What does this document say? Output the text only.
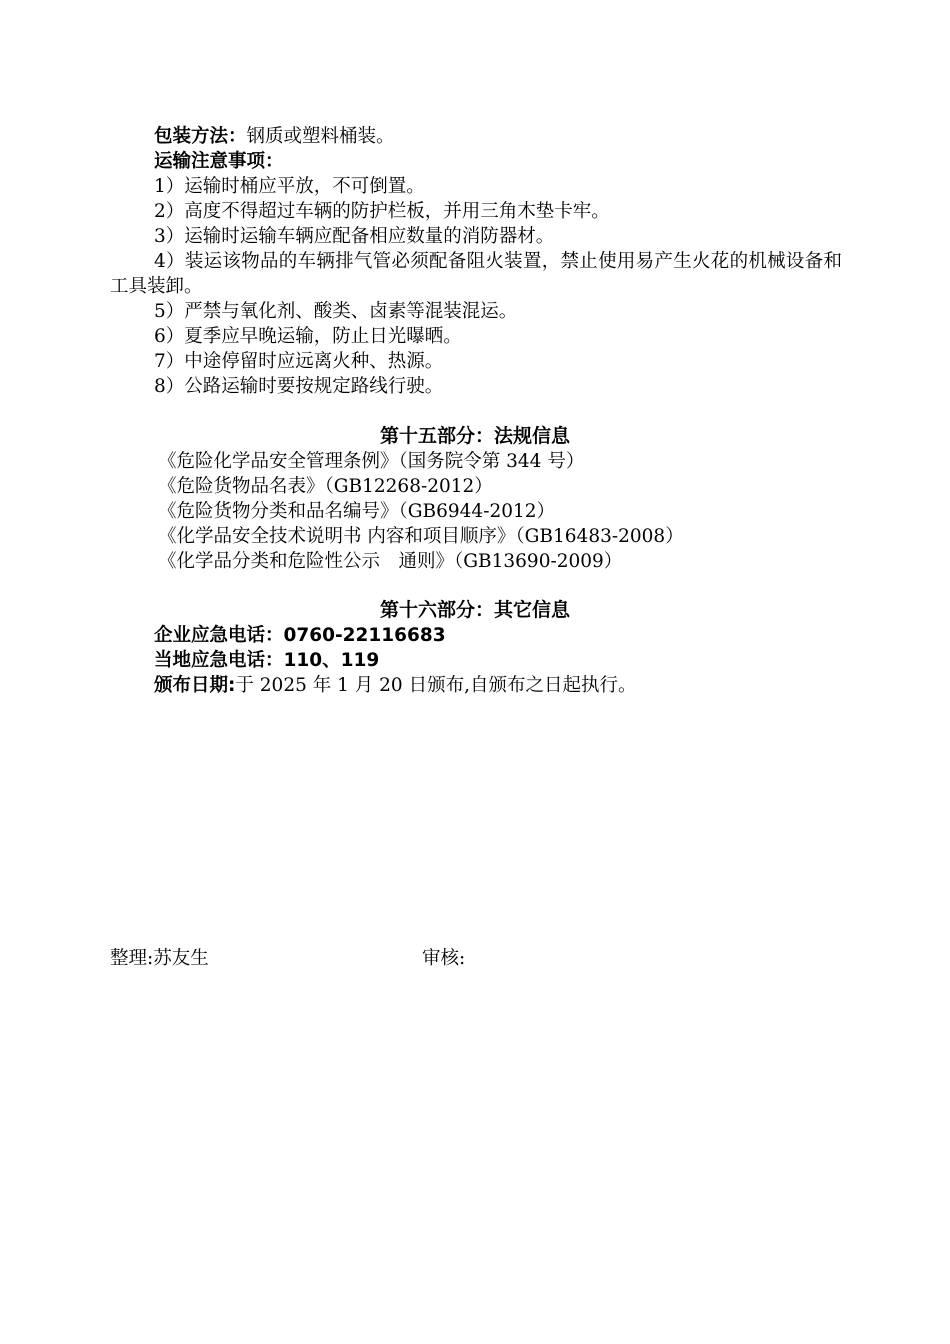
包装方法：钢质或塑料桶装。
运输注意事项：
1）运输时桶应平放，不可倒置。
2）高度不得超过车辆的防护栏板，并用三角木垫卡牢。
3）运输时运输车辆应配备相应数量的消防器材。
4）装运该物品的车辆排气管必须配备阻火装置，禁止使用易产生火花的机械设备和工具装卸。
5）严禁与氧化剂、酸类、卤素等混装混运。
6）夏季应早晚运输，防止日光曝晒。
7）中途停留时应远离火种、热源。
8）公路运输时要按规定路线行驶。
第十五部分：法规信息
《危险化学品安全管理条例》（国务院令第 344 号）
《危险货物品名表》（GB12268-2012）
《危险货物分类和品名编号》（GB6944-2012）
《化学品安全技术说明书 内容和项目顺序》（GB16483-2008）
《化学品分类和危险性公示　通则》（GB13690-2009）
第十六部分：其它信息
企业应急电话：0760-22116683
当地应急电话：110、119
颁布日期:于 2025 年 1 月 20 日颁布,自颁布之日起执行。
整理:苏友生	审核:
